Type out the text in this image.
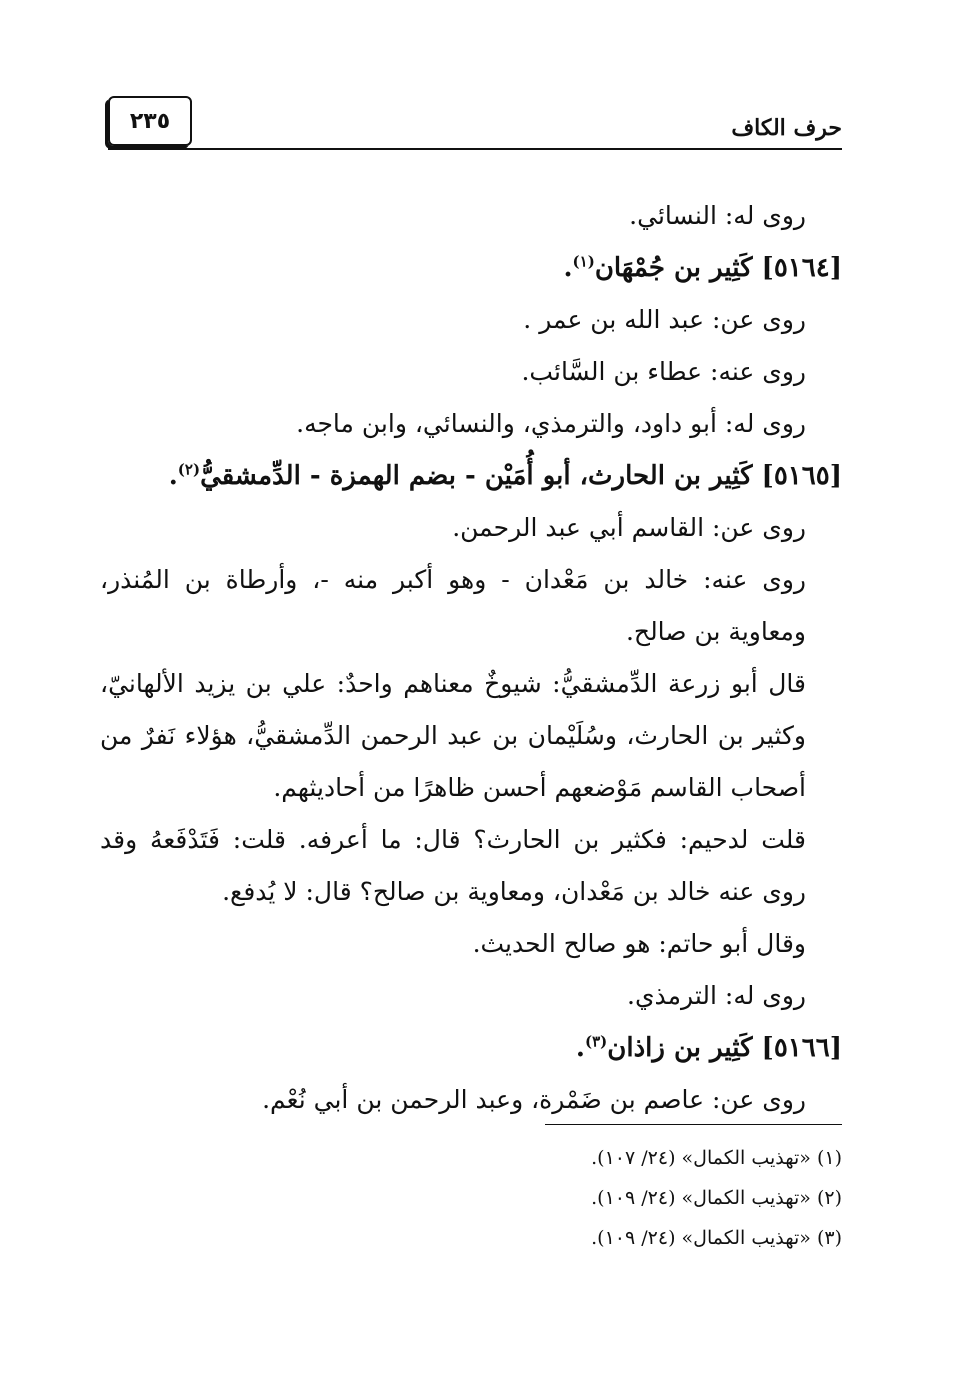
٢٣٥	حرف الكاف

روى له: النسائي.

[٥١٦٤] كَثِير بن جُمْهَان$^{(١)}$.

روى عن: عبد الله بن عمر .

روى عنه: عطاء بن السَّائب.

روى له: أبو داود، والترمذي، والنسائي، وابن ماجه.

[٥١٦٥] كَثِير بن الحارث، أبو أُمَيْن - بضم الهمزة - الدِّمشقيُّ$^{(٢)}$.

روى عن: القاسم أبي عبد الرحمن.

روى عنه: خالد بن مَعْدان - وهو أكبر منه -، وأرطاة بن المُنذر، ومعاوية بن صالح.

قال أبو زرعة الدِّمشقيُّ: شيوخٌ معناهم واحدٌ: علي بن يزيد الألهانيّ، وكثير بن الحارث، وسُلَيْمان بن عبد الرحمن الدِّمشقيُّ، هؤلاء نَفرٌ من أصحاب القاسم مَوْضعهم أحسن ظاهرًا من أحاديثهم.

قلت لدحيم: فكثير بن الحارث؟ قال: ما أعرفه. قلت: فَتَدْفَعهُ وقد روى عنه خالد بن مَعْدان، ومعاوية بن صالح؟ قال: لا يُدفع.

وقال أبو حاتم: هو صالح الحديث.

روى له: الترمذي.

[٥١٦٦] كَثِير بن زاذان$^{(٣)}$.

روى عن: عاصم بن ضَمْرة، وعبد الرحمن بن أبي نُعْم.

(١) «تهذيب الكمال» (٢٤/ ١٠٧).

(٢) «تهذيب الكمال» (٢٤/ ١٠٩).

(٣) «تهذيب الكمال» (٢٤/ ١٠٩).
